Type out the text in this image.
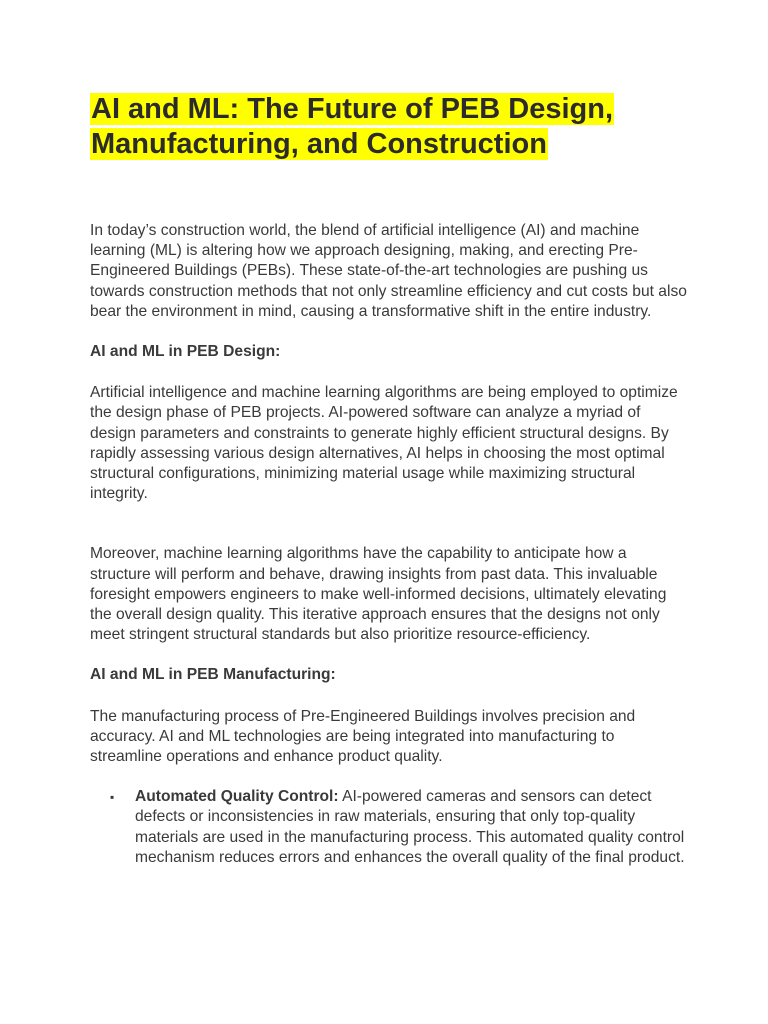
AI and ML: The Future of PEB Design, Manufacturing, and Construction

In today’s construction world, the blend of artificial intelligence (AI) and machine learning (ML) is altering how we approach designing, making, and erecting Pre-Engineered Buildings (PEBs). These state-of-the-art technologies are pushing us towards construction methods that not only streamline efficiency and cut costs but also bear the environment in mind, causing a transformative shift in the entire industry.

AI and ML in PEB Design:

Artificial intelligence and machine learning algorithms are being employed to optimize the design phase of PEB projects. AI-powered software can analyze a myriad of design parameters and constraints to generate highly efficient structural designs. By rapidly assessing various design alternatives, AI helps in choosing the most optimal structural configurations, minimizing material usage while maximizing structural integrity.

Moreover, machine learning algorithms have the capability to anticipate how a structure will perform and behave, drawing insights from past data. This invaluable foresight empowers engineers to make well-informed decisions, ultimately elevating the overall design quality. This iterative approach ensures that the designs not only meet stringent structural standards but also prioritize resource-efficiency.

AI and ML in PEB Manufacturing:

The manufacturing process of Pre-Engineered Buildings involves precision and accuracy. AI and ML technologies are being integrated into manufacturing to streamline operations and enhance product quality.

▪ Automated Quality Control: AI-powered cameras and sensors can detect defects or inconsistencies in raw materials, ensuring that only top-quality materials are used in the manufacturing process. This automated quality control mechanism reduces errors and enhances the overall quality of the final product.
